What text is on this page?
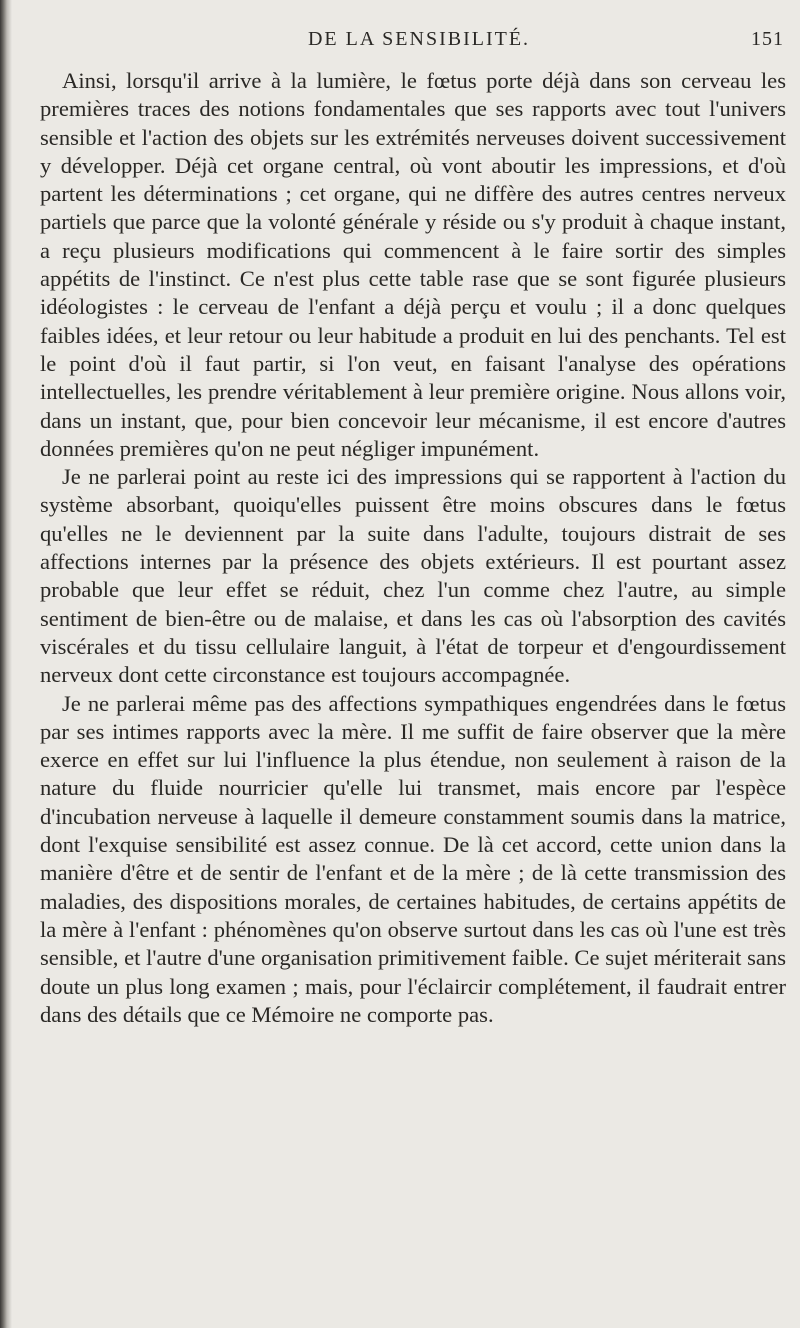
DE LA SENSIBILITÉ.	151

Ainsi, lorsqu'il arrive à la lumière, le fœtus porte déjà dans son cerveau les premières traces des notions fondamentales que ses rapports avec tout l'univers sensible et l'action des objets sur les extrémités nerveuses doivent successivement y développer. Déjà cet organe central, où vont aboutir les impressions, et d'où partent les déterminations ; cet organe, qui ne diffère des autres centres nerveux partiels que parce que la volonté générale y réside ou s'y produit à chaque instant, a reçu plusieurs modifications qui commencent à le faire sortir des simples appétits de l'instinct. Ce n'est plus cette table rase que se sont figurée plusieurs idéologistes : le cerveau de l'enfant a déjà perçu et voulu ; il a donc quelques faibles idées, et leur retour ou leur habitude a produit en lui des penchants. Tel est le point d'où il faut partir, si l'on veut, en faisant l'analyse des opérations intellectuelles, les prendre véritablement à leur première origine. Nous allons voir, dans un instant, que, pour bien concevoir leur mécanisme, il est encore d'autres données premières qu'on ne peut négliger impunément.

Je ne parlerai point au reste ici des impressions qui se rapportent à l'action du système absorbant, quoiqu'elles puissent être moins obscures dans le fœtus qu'elles ne le deviennent par la suite dans l'adulte, toujours distrait de ses affections internes par la présence des objets extérieurs. Il est pourtant assez probable que leur effet se réduit, chez l'un comme chez l'autre, au simple sentiment de bien-être ou de malaise, et dans les cas où l'absorption des cavités viscérales et du tissu cellulaire languit, à l'état de torpeur et d'engourdissement nerveux dont cette circonstance est toujours accompagnée.

Je ne parlerai même pas des affections sympathiques engendrées dans le fœtus par ses intimes rapports avec la mère. Il me suffit de faire observer que la mère exerce en effet sur lui l'influence la plus étendue, non seulement à raison de la nature du fluide nourricier qu'elle lui transmet, mais encore par l'espèce d'incubation nerveuse à laquelle il demeure constamment soumis dans la matrice, dont l'exquise sensibilité est assez connue. De là cet accord, cette union dans la manière d'être et de sentir de l'enfant et de la mère ; de là cette transmission des maladies, des dispositions morales, de certaines habitudes, de certains appétits de la mère à l'enfant : phénomènes qu'on observe surtout dans les cas où l'une est très sensible, et l'autre d'une organisation primitivement faible. Ce sujet mériterait sans doute un plus long examen ; mais, pour l'éclaircir complétement, il faudrait entrer dans des détails que ce Mémoire ne comporte pas.
